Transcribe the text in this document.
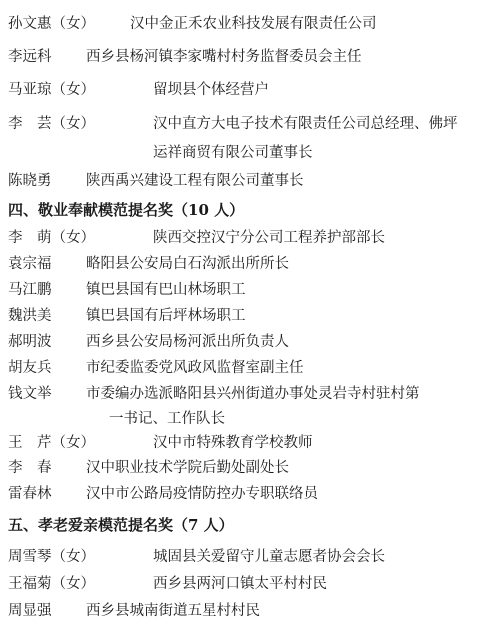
孙文惠（女） 汉中金正禾农业科技发展有限责任公司
李远科 西乡县杨河镇李家嘴村村务监督委员会主任
马亚琼（女）	留坝县个体经营户
李　芸（女）	汉中直方大电子技术有限责任公司总经理、佛坪
运祥商贸有限公司董事长
陈晓勇 陕西禹兴建设工程有限公司董事长
四、敬业奉献模范提名奖（10 人）
李　萌（女）	陕西交控汉宁分公司工程养护部部长
袁宗福 略阳县公安局白石沟派出所所长
马江鹏 镇巴县国有巴山林场职工
魏洪美 镇巴县国有后坪林场职工
郝明波 西乡县公安局杨河派出所负责人
胡友兵 市纪委监委党风政风监督室副主任
钱文举 市委编办选派略阳县兴州街道办事处灵岩寺村驻村第
一书记、工作队长
王　芹（女）	汉中市特殊教育学校教师
李　春 汉中职业技术学院后勤处副处长
雷春林 汉中市公路局疫情防控办专职联络员
五、孝老爱亲模范提名奖（7 人）
周雪琴（女）	城固县关爱留守儿童志愿者协会会长
王福菊（女）	西乡县两河口镇太平村村民
周显强 西乡县城南街道五星村村民
